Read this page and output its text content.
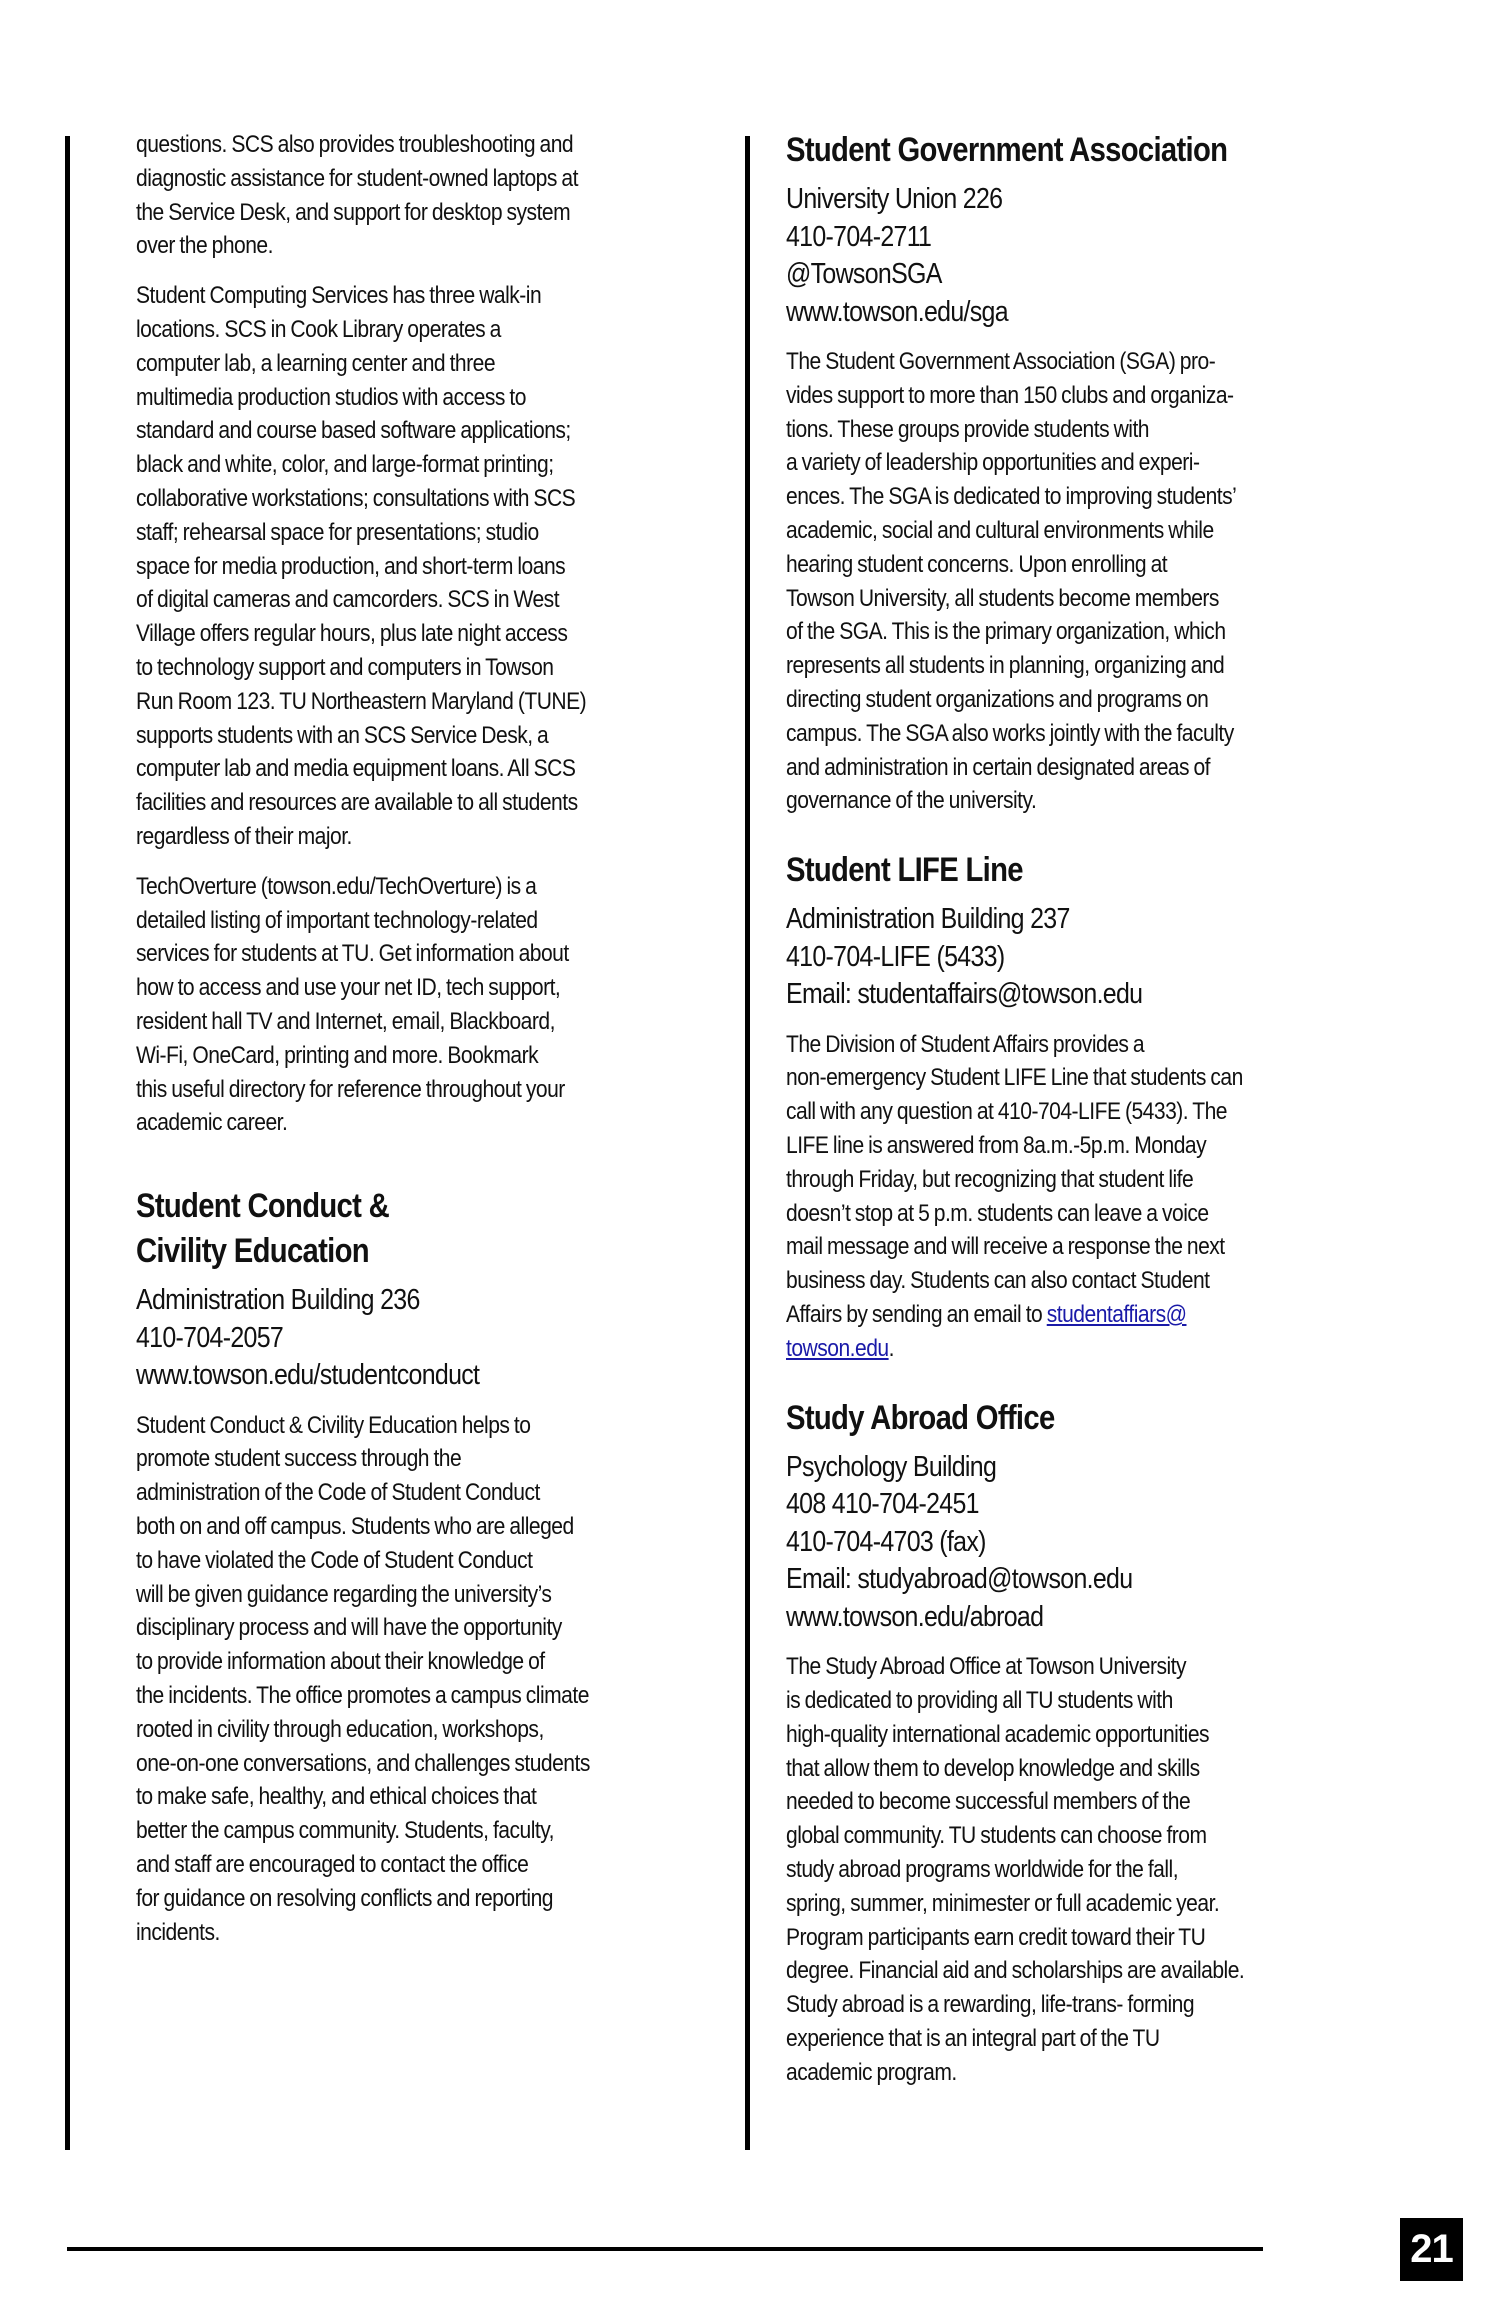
21

questions. SCS also provides troubleshooting and
diagnostic assistance for student-owned laptops at
the Service Desk, and support for desktop system
over the phone.

Student Computing Services has three walk-in
locations. SCS in Cook Library operates a
computer lab, a learning center and three
multimedia production studios with access to
standard and course based software applications;
black and white, color, and large-format printing;
collaborative workstations; consultations with SCS
staff; rehearsal space for presentations; studio
space for media production, and short-term loans
of digital cameras and camcorders. SCS in West
Village offers regular hours, plus late night access
to technology support and computers in Towson
Run Room 123. TU Northeastern Maryland (TUNE)
supports students with an SCS Service Desk, a
computer lab and media equipment loans. All SCS
facilities and resources are available to all students
regardless of their major.

TechOverture (towson.edu/TechOverture) is a
detailed listing of important technology-related
services for students at TU. Get information about
how to access and use your net ID, tech support,
resident hall TV and Internet, email, Blackboard,
Wi-Fi, OneCard, printing and more. Bookmark
this useful directory for reference throughout your
academic career.

Student Conduct &
Civility Education
Administration Building 236
410-704-2057
www.towson.edu/studentconduct

Student Conduct & Civility Education helps to
promote student success through the
administration of the Code of Student Conduct
both on and off campus. Students who are alleged
to have violated the Code of Student Conduct
will be given guidance regarding the university’s
disciplinary process and will have the opportunity
to provide information about their knowledge of
the incidents. The office promotes a campus climate
rooted in civility through education, workshops,
one-on-one conversations, and challenges students
to make safe, healthy, and ethical choices that
better the campus community. Students, faculty,
and staff are encouraged to contact the office
for guidance on resolving conflicts and reporting
incidents.

Student Government Association
University Union 226
410-704-2711
@TowsonSGA
www.towson.edu/sga

The Student Government Association (SGA) pro-
vides support to more than 150 clubs and organiza-
tions. These groups provide students with
a variety of leadership opportunities and experi-
ences. The SGA is dedicated to improving students’
academic, social and cultural environments while
hearing student concerns. Upon enrolling at
Towson University, all students become members
of the SGA. This is the primary organization, which
represents all students in planning, organizing and
directing student organizations and programs on
campus. The SGA also works jointly with the faculty
and administration in certain designated areas of
governance of the university.

Student LIFE Line
Administration Building 237
410-704-LIFE (5433)
Email: studentaffairs@towson.edu

The Division of Student Affairs provides a
non-emergency Student LIFE Line that students can
call with any question at 410-704-LIFE (5433). The
LIFE line is answered from 8a.m.-5p.m. Monday
through Friday, but recognizing that student life
doesn’t stop at 5 p.m. students can leave a voice
mail message and will receive a response the next
business day. Students can also contact Student
Affairs by sending an email to studentaffiars@
towson.edu.

Study Abroad Office
Psychology Building
408 410-704-2451
410-704-4703 (fax)
Email: studyabroad@towson.edu
www.towson.edu/abroad

The Study Abroad Office at Towson University
is dedicated to providing all TU students with
high-quality international academic opportunities
that allow them to develop knowledge and skills
needed to become successful members of the
global community. TU students can choose from
study abroad programs worldwide for the fall,
spring, summer, minimester or full academic year.
Program participants earn credit toward their TU
degree. Financial aid and scholarships are available.
Study abroad is a rewarding, life-trans- forming
experience that is an integral part of the TU
academic program.
